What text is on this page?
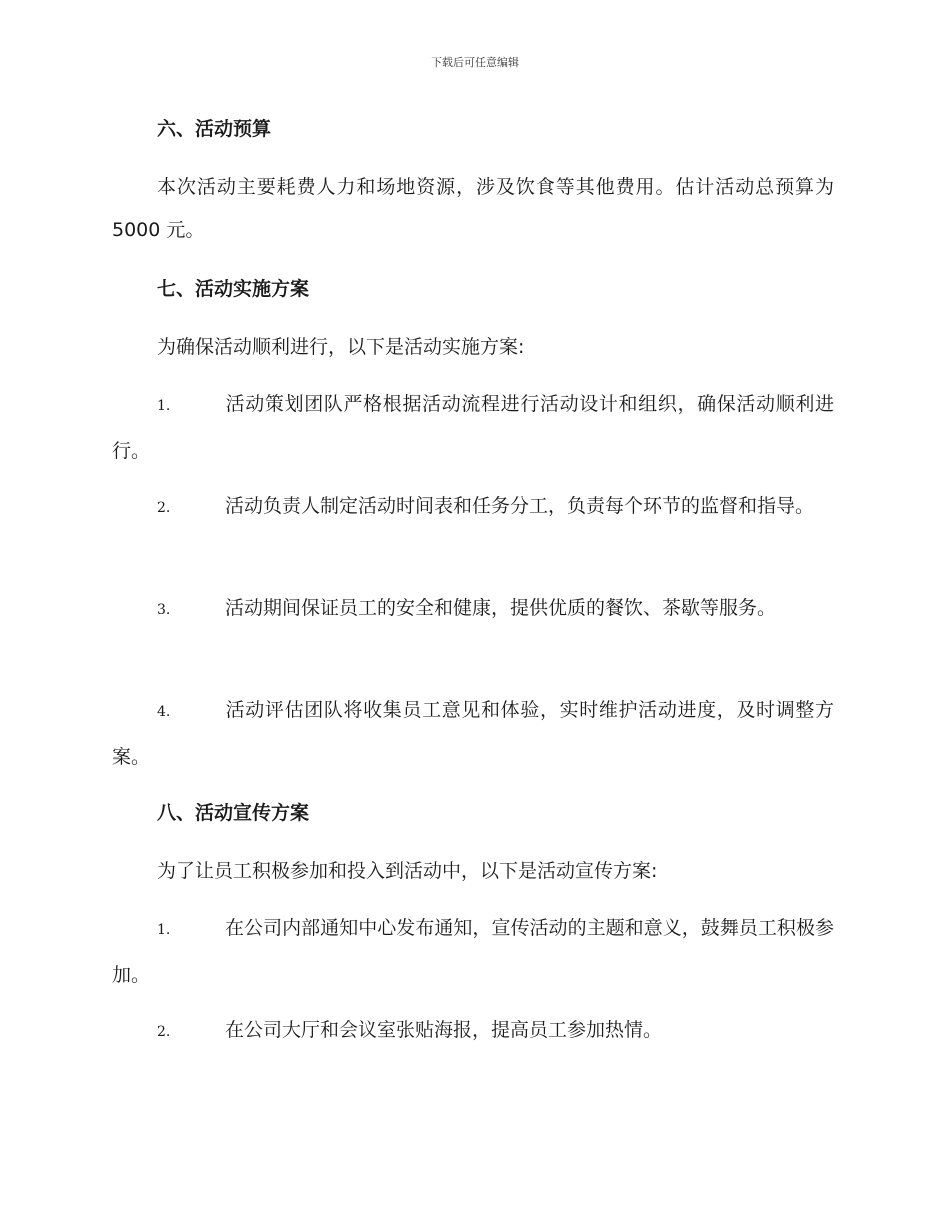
下载后可任意编辑
六、活动预算
本次活动主要耗费人力和场地资源，涉及饮食等其他费用。估计活动总预算为 5000 元。
七、活动实施方案
为确保活动顺利进行，以下是活动实施方案:
1.	活动策划团队严格根据活动流程进行活动设计和组织，确保活动顺利进行。
2.	活动负责人制定活动时间表和任务分工，负责每个环节的监督和指导。
3.	活动期间保证员工的安全和健康，提供优质的餐饮、茶歇等服务。
4.	活动评估团队将收集员工意见和体验，实时维护活动进度，及时调整方案。
八、活动宣传方案
为了让员工积极参加和投入到活动中，以下是活动宣传方案:
1.	在公司内部通知中心发布通知，宣传活动的主题和意义，鼓舞员工积极参加。
2.	在公司大厅和会议室张贴海报，提高员工参加热情。
